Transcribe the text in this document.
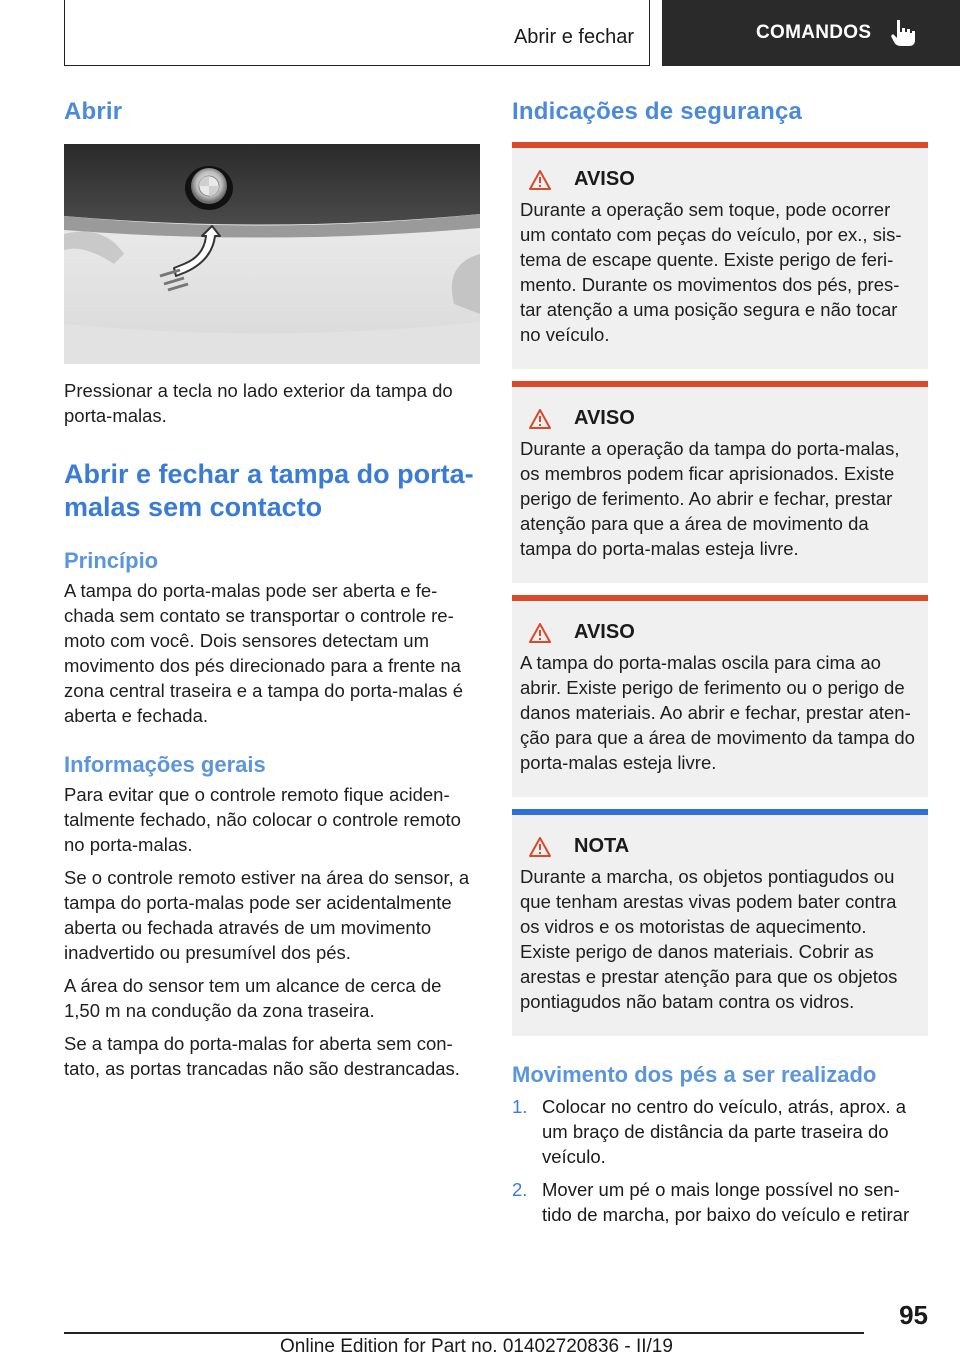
Abrir e fechar	COMANDOS
Abrir

Pressionar a tecla no lado exterior da tampa do porta-malas.

Abrir e fechar a tampa do porta-malas sem contacto
Princípio

A tampa do porta-malas pode ser aberta e fe-chada sem contato se transportar o controle re-moto com você. Dois sensores detectam um movimento dos pés direcionado para a frente na zona central traseira e a tampa do porta-malas é aberta e fechada.

Informações gerais

Para evitar que o controle remoto fique aciden-talmente fechado, não colocar o controle remoto no porta-malas.

Se o controle remoto estiver na área do sensor, a tampa do porta-malas pode ser acidentalmente aberta ou fechada através de um movimento inadvertido ou presumível dos pés.

A área do sensor tem um alcance de cerca de 1,50 m na condução da zona traseira.

Se a tampa do porta-malas for aberta sem con-tato, as portas trancadas não são destrancadas.

Indicações de segurança
AVISO

Durante a operação sem toque, pode ocorrer um contato com peças do veículo, por ex., sis-tema de escape quente. Existe perigo de feri-mento. Durante os movimentos dos pés, pres-tar atenção a uma posição segura e não tocar no veículo.

AVISO

Durante a operação da tampa do porta-malas, os membros podem ficar aprisionados. Existe perigo de ferimento. Ao abrir e fechar, prestar atenção para que a área de movimento da tampa do porta-malas esteja livre.

AVISO

A tampa do porta-malas oscila para cima ao abrir. Existe perigo de ferimento ou o perigo de danos materiais. Ao abrir e fechar, prestar aten-ção para que a área de movimento da tampa do porta-malas esteja livre.

NOTA

Durante a marcha, os objetos pontiagudos ou que tenham arestas vivas podem bater contra os vidros e os motoristas de aquecimento. Existe perigo de danos materiais. Cobrir as arestas e prestar atenção para que os objetos pontiagudos não batam contra os vidros.

Movimento dos pés a ser realizado
1. Colocar no centro do veículo, atrás, aprox. a um braço de distância da parte traseira do veículo.
2. Mover um pé o mais longe possível no sen-tido de marcha, por baixo do veículo e retirar
95
Online Edition for Part no. 01402720836 - II/19
